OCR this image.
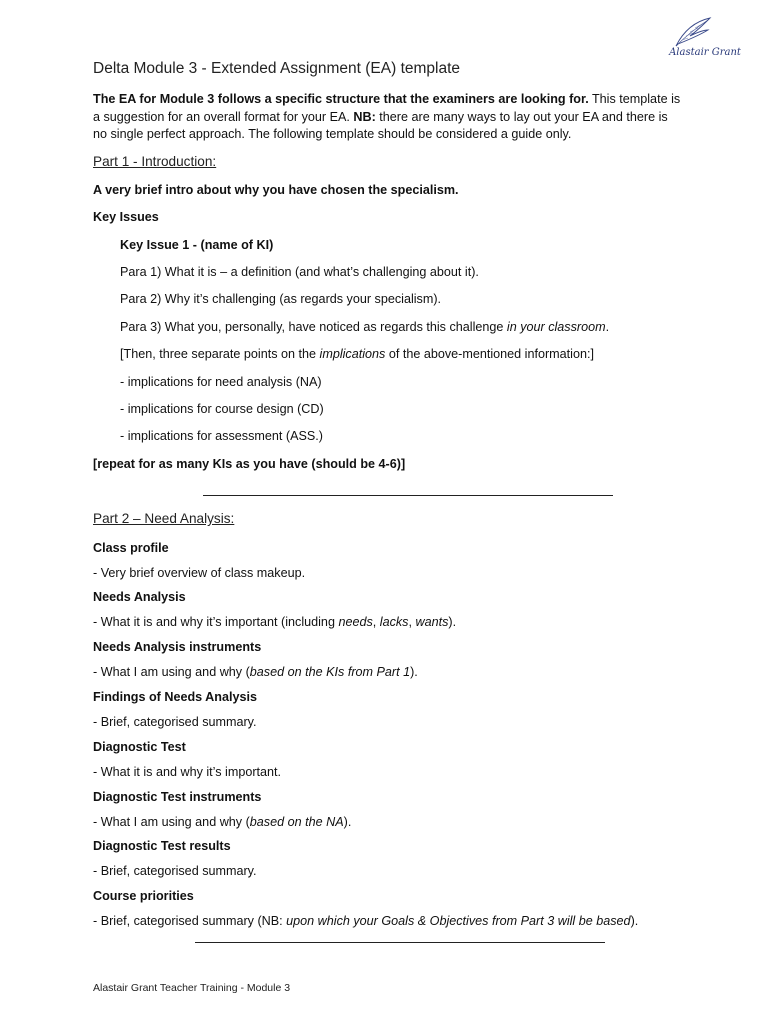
Alastair Grant
Delta Module 3 - Extended Assignment (EA) template
The EA for Module 3 follows a specific structure that the examiners are looking for. This template is a suggestion for an overall format for your EA. NB: there are many ways to lay out your EA and there is no single perfect approach. The following template should be considered a guide only.
Part 1 - Introduction:
A very brief intro about why you have chosen the specialism.
Key Issues
Key Issue 1 - (name of KI)
Para 1) What it is – a definition (and what’s challenging about it).
Para 2) Why it’s challenging (as regards your specialism).
Para 3) What you, personally, have noticed as regards this challenge in your classroom.
[Then, three separate points on the implications of the above-mentioned information:]
- implications for need analysis (NA)
- implications for course design (CD)
- implications for assessment (ASS.)
[repeat for as many KIs as you have (should be 4-6)]
Part 2 – Need Analysis:
Class profile
- Very brief overview of class makeup.
Needs Analysis
- What it is and why it’s important (including needs, lacks, wants).
Needs Analysis instruments
- What I am using and why (based on the KIs from Part 1).
Findings of Needs Analysis
- Brief, categorised summary.
Diagnostic Test
- What it is and why it’s important.
Diagnostic Test instruments
- What I am using and why (based on the NA).
Diagnostic Test results
- Brief, categorised summary.
Course priorities
- Brief, categorised summary (NB: upon which your Goals & Objectives from Part 3 will be based).
Alastair Grant Teacher Training - Module 3
